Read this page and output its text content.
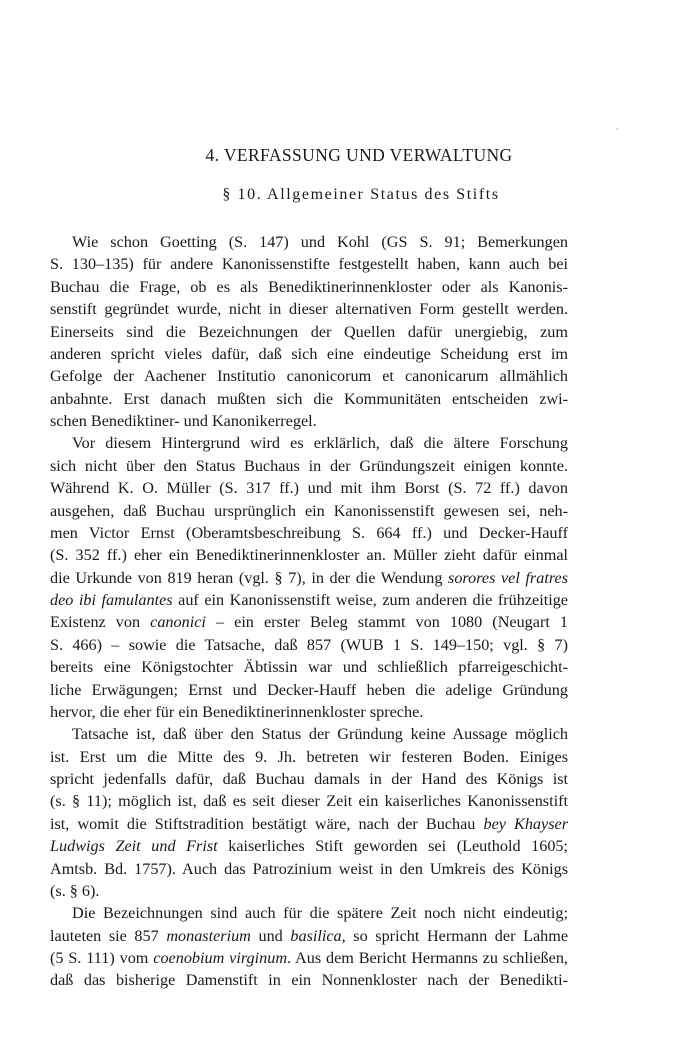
4. VERFASSUNG UND VERWALTUNG
§ 10. Allgemeiner Status des Stifts
Wie schon Goetting (S. 147) und Kohl (GS S. 91; Bemerkungen
S. 130–135) für andere Kanonissenstifte festgestellt haben, kann auch bei
Buchau die Frage, ob es als Benediktinerinnenkloster oder als Kanonis-
senstift gegründet wurde, nicht in dieser alternativen Form gestellt werden.
Einerseits sind die Bezeichnungen der Quellen dafür unergiebig, zum
anderen spricht vieles dafür, daß sich eine eindeutige Scheidung erst im
Gefolge der Aachener Institutio canonicorum et canonicarum allmählich
anbahnte. Erst danach mußten sich die Kommunitäten entscheiden zwi-
schen Benediktiner- und Kanonikerregel.
Vor diesem Hintergrund wird es erklärlich, daß die ältere Forschung
sich nicht über den Status Buchaus in der Gründungszeit einigen konnte.
Während K. O. Müller (S. 317 ff.) und mit ihm Borst (S. 72 ff.) davon
ausgehen, daß Buchau ursprünglich ein Kanonissenstift gewesen sei, neh-
men Victor Ernst (Oberamtsbeschreibung S. 664 ff.) und Decker-Hauff
(S. 352 ff.) eher ein Benediktinerinnenkloster an. Müller zieht dafür einmal
die Urkunde von 819 heran (vgl. § 7), in der die Wendung sorores vel fratres
deo ibi famulantes auf ein Kanonissenstift weise, zum anderen die frühzeitige
Existenz von canonici – ein erster Beleg stammt von 1080 (Neugart 1
S. 466) – sowie die Tatsache, daß 857 (WUB 1 S. 149–150; vgl. § 7)
bereits eine Königstochter Äbtissin war und schließlich pfarreigeschicht-
liche Erwägungen; Ernst und Decker-Hauff heben die adelige Gründung
hervor, die eher für ein Benediktinerinnenkloster spreche.
Tatsache ist, daß über den Status der Gründung keine Aussage möglich
ist. Erst um die Mitte des 9. Jh. betreten wir festeren Boden. Einiges
spricht jedenfalls dafür, daß Buchau damals in der Hand des Königs ist
(s. § 11); möglich ist, daß es seit dieser Zeit ein kaiserliches Kanonissenstift
ist, womit die Stiftstradition bestätigt wäre, nach der Buchau bey Khayser
Ludwigs Zeit und Frist kaiserliches Stift geworden sei (Leuthold 1605;
Amtsb. Bd. 1757). Auch das Patrozinium weist in den Umkreis des Königs
(s. § 6).
Die Bezeichnungen sind auch für die spätere Zeit noch nicht eindeutig;
lauteten sie 857 monasterium und basilica, so spricht Hermann der Lahme
(5 S. 111) vom coenobium virginum. Aus dem Bericht Hermanns zu schließen,
daß das bisherige Damenstift in ein Nonnenkloster nach der Benedikti-
